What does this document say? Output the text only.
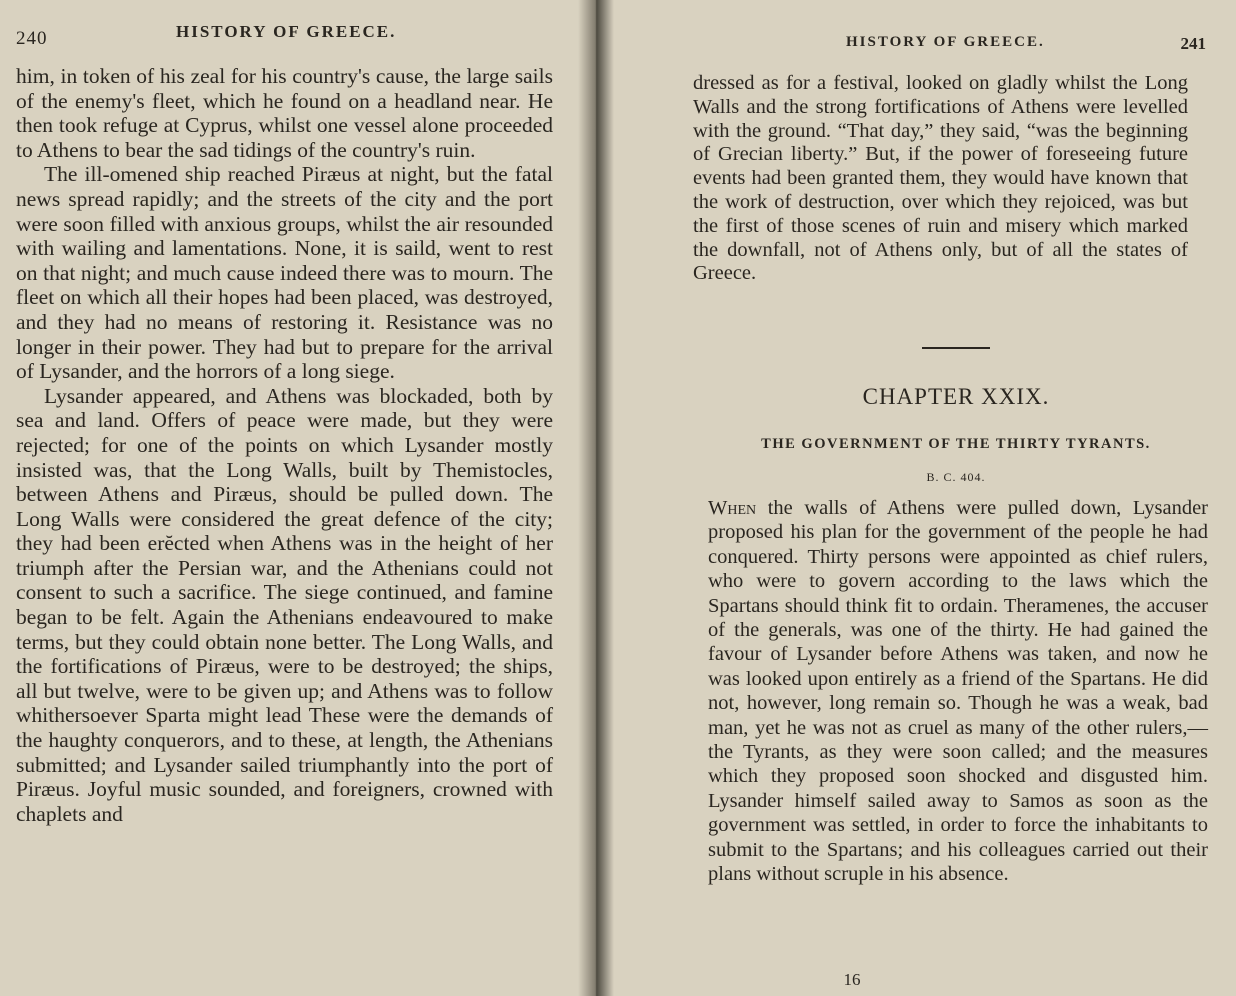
240	HISTORY OF GREECE.

him, in token of his zeal for his country's cause, the large sails of the enemy's fleet, which he found on a headland near. He then took refuge at Cyprus, whilst one vessel alone proceeded to Athens to bear the sad tidings of the country's ruin.

The ill-omened ship reached Piræus at night, but the fatal news spread rapidly; and the streets of the city and the port were soon filled with anxious groups, whilst the air resounded with wailing and lamentations. None, it is saild, went to rest on that night; and much cause indeed there was to mourn. The fleet on which all their hopes had been placed, was destroyed, and they had no means of restoring it. Resistance was no longer in their power. They had but to prepare for the arrival of Lysander, and the horrors of a long siege.

Lysander appeared, and Athens was blockaded, both by sea and land. Offers of peace were made, but they were rejected; for one of the points on which Lysander mostly insisted was, that the Long Walls, built by Themistocles, between Athens and Piræus, should be pulled down. The Long Walls were considered the great defence of the city; they had been erĕcted when Athens was in the height of her triumph after the Persian war, and the Athenians could not consent to such a sacrifice. The siege continued, and famine began to be felt. Again the Athenians endeavoured to make terms, but they could obtain none better. The Long Walls, and the fortifications of Piræus, were to be destroyed; the ships, all but twelve, were to be given up; and Athens was to follow whithersoever Sparta might lead These were the demands of the haughty conquerors, and to these, at length, the Athenians submitted; and Lysander sailed triumphantly into the port of Piræus. Joyful music sounded, and foreigners, crowned with chaplets and

HISTORY OF GREECE.	241

dressed as for a festival, looked on gladly whilst the Long Walls and the strong fortifications of Athens were levelled with the ground. “That day,” they said, “was the beginning of Grecian liberty.” But, if the power of foreseeing future events had been granted them, they would have known that the work of destruction, over which they rejoiced, was but the first of those scenes of ruin and misery which marked the downfall, not of Athens only, but of all the states of Greece.

CHAPTER XXIX.
THE GOVERNMENT OF THE THIRTY TYRANTS.
B. C. 404.

When the walls of Athens were pulled down, Lysander proposed his plan for the government of the people he had conquered. Thirty persons were appointed as chief rulers, who were to govern according to the laws which the Spartans should think fit to ordain. Theramenes, the accuser of the generals, was one of the thirty. He had gained the favour of Lysander before Athens was taken, and now he was looked upon entirely as a friend of the Spartans. He did not, however, long remain so. Though he was a weak, bad man, yet he was not as cruel as many of the other rulers,—the Tyrants, as they were soon called; and the measures which they proposed soon shocked and disgusted him. Lysander himself sailed away to Samos as soon as the government was settled, in order to force the inhabitants to submit to the Spartans; and his colleagues carried out their plans without scruple in his absence.

16
